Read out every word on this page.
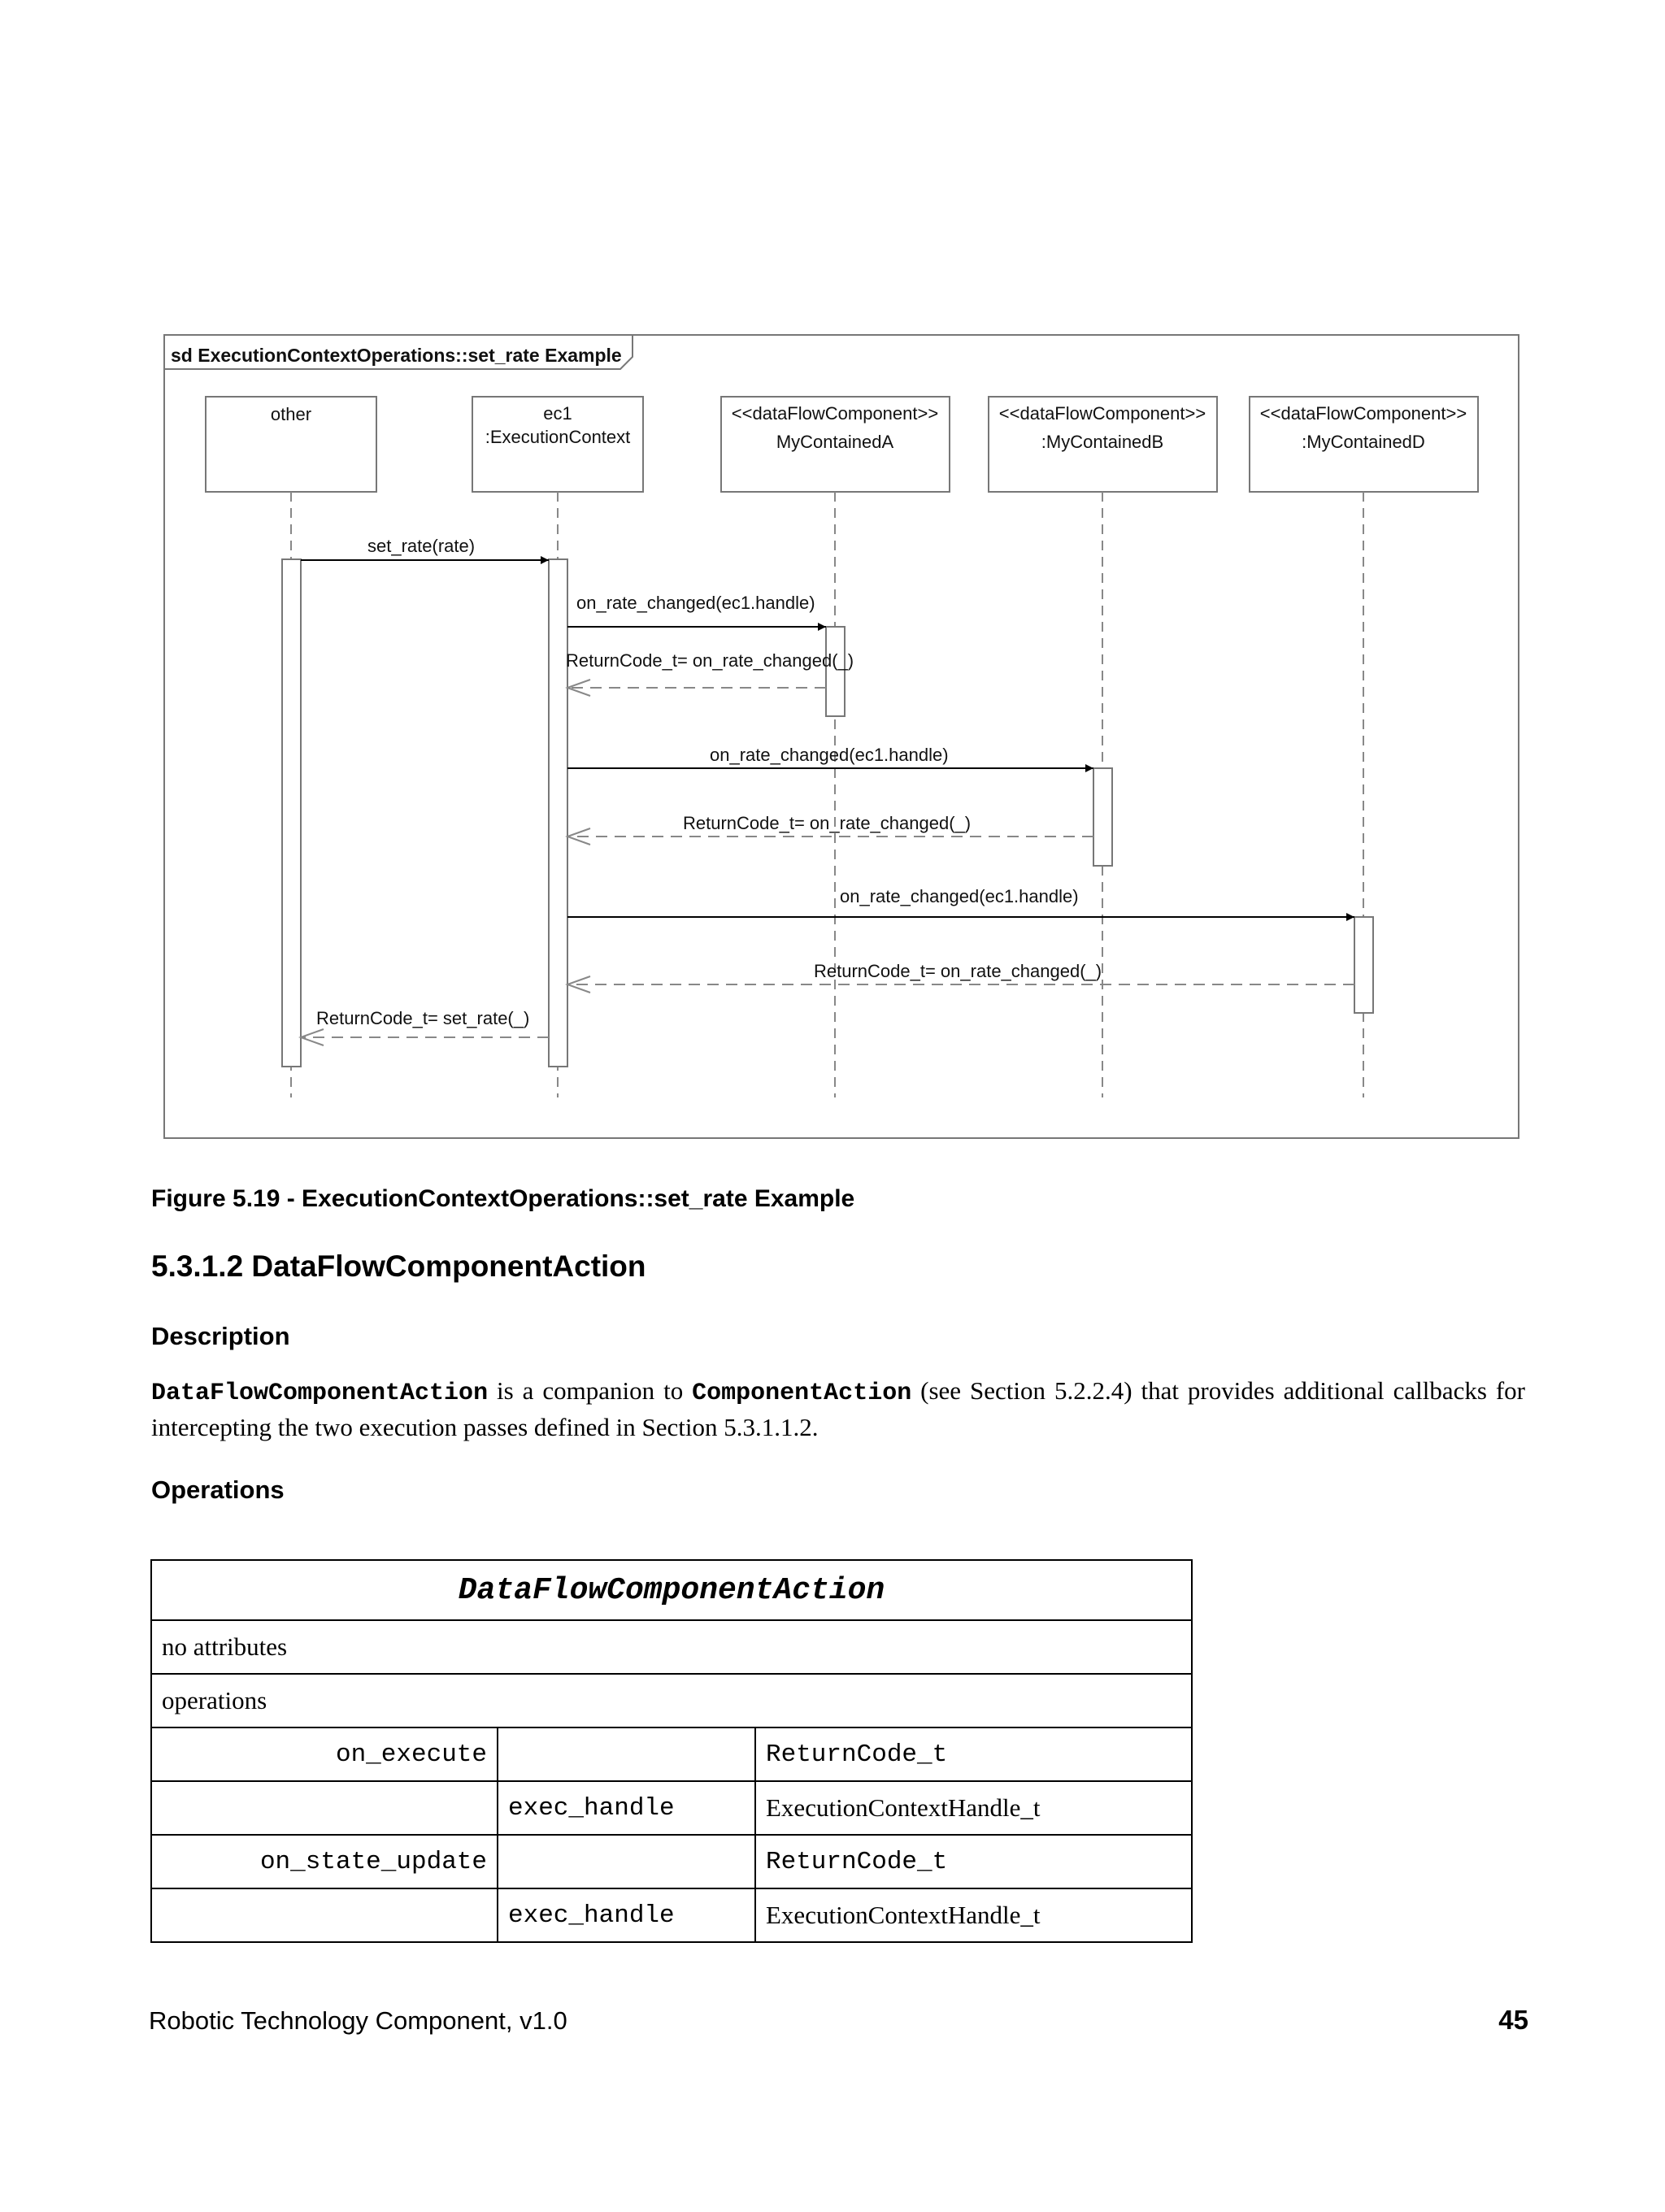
sd ExecutionContextOperations::set_rate Example
other	ec1
:ExecutionContext
<<dataFlowComponent>>
MyContainedA
<<dataFlowComponent>>
:MyContainedB
<<dataFlowComponent>>
:MyContainedD
set_rate(rate)
on_rate_changed(ec1.handle)
ReturnCode_t= on_rate_changed(_)
on_rate_changed(ec1.handle)
ReturnCode_t= on_rate_changed(_)
on_rate_changed(ec1.handle)
ReturnCode_t= on_rate_changed(_)
ReturnCode_t= set_rate(_)
Figure 5.19 - ExecutionContextOperations::set_rate Example
5.3.1.2 DataFlowComponentAction
Description
DataFlowComponentAction is a companion to ComponentAction (see Section 5.2.2.4) that provides additional callbacks for intercepting the two execution passes defined in Section 5.3.1.1.2.
Operations
DataFlowComponentAction		
no attributes		
operations		
on_execute		ReturnCode_t
	exec_handle	ExecutionContextHandle_t
on_state_update		ReturnCode_t
	exec_handle	ExecutionContextHandle_t
Robotic Technology Component, v1.0	45
